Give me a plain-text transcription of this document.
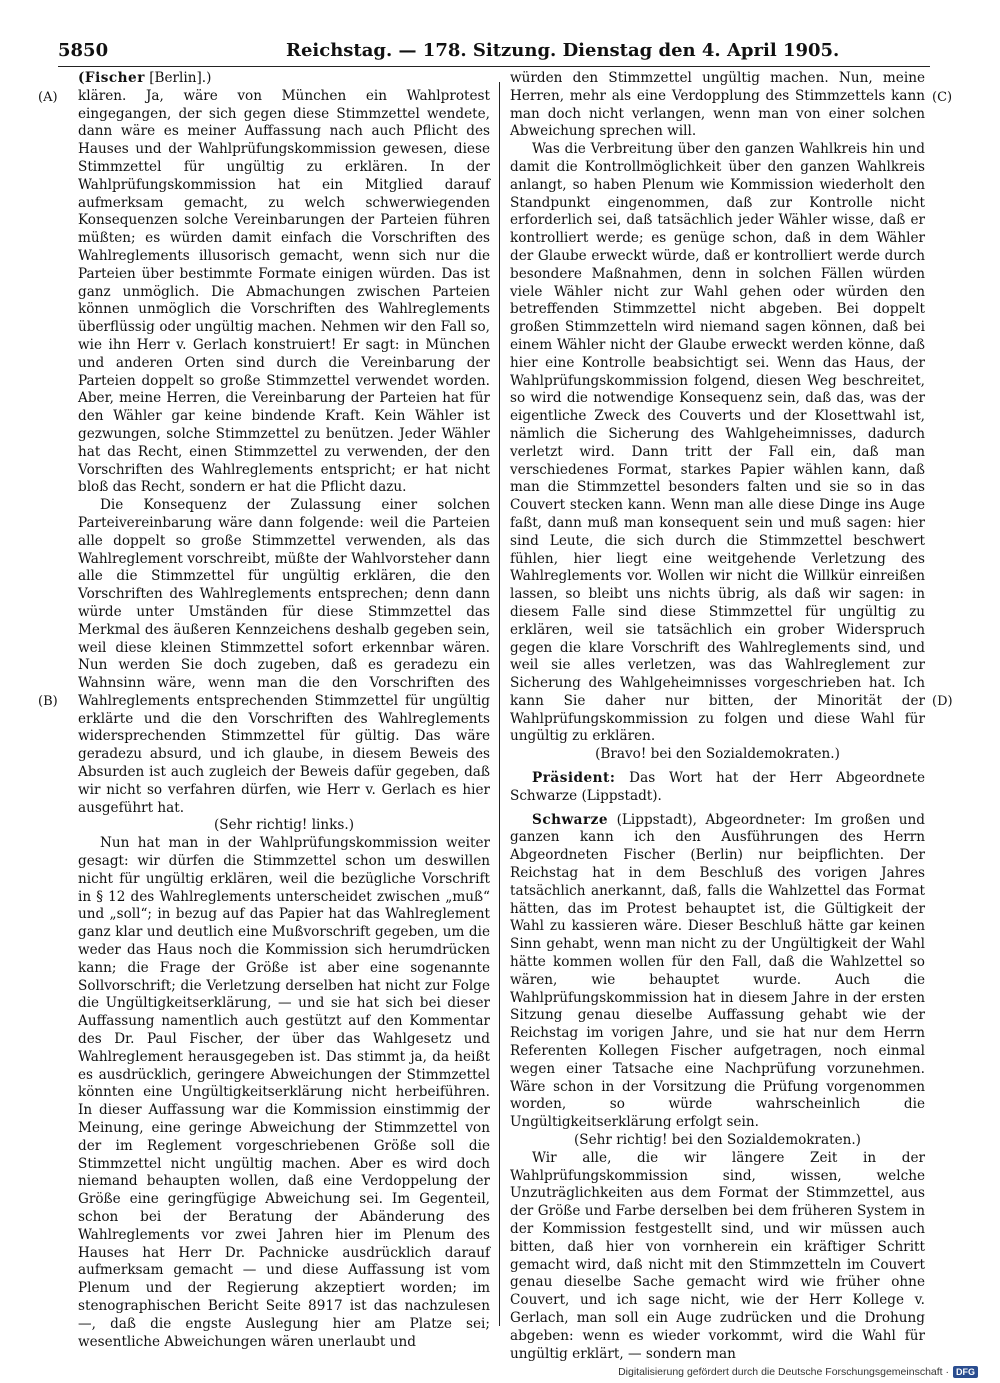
5850	Reichstag. — 178. Sitzung. Dienstag den 4. April 1905.
(A)
(B)
(C)
(D)

(Fischer [Berlin].)

klären. Ja, wäre von München ein Wahlprotest eingegangen, der sich gegen diese Stimmzettel wendete, dann wäre es meiner Auffassung nach auch Pflicht des Hauses und der Wahlprüfungskommission gewesen, diese Stimmzettel für ungültig zu erklären. In der Wahlprüfungskommission hat ein Mitglied darauf aufmerksam gemacht, zu welch schwerwiegenden Konsequenzen solche Vereinbarungen der Parteien führen müßten; es würden damit einfach die Vorschriften des Wahlreglements illusorisch gemacht, wenn sich nur die Parteien über bestimmte Formate einigen würden. Das ist ganz unmöglich. Die Abmachungen zwischen Parteien können unmöglich die Vorschriften des Wahlreglements überflüssig oder ungültig machen. Nehmen wir den Fall so, wie ihn Herr v. Gerlach konstruiert! Er sagt: in München und anderen Orten sind durch die Vereinbarung der Parteien doppelt so große Stimmzettel verwendet worden. Aber, meine Herren, die Vereinbarung der Parteien hat für den Wähler gar keine bindende Kraft. Kein Wähler ist gezwungen, solche Stimmzettel zu benützen. Jeder Wähler hat das Recht, einen Stimmzettel zu verwenden, der den Vorschriften des Wahlreglements entspricht; er hat nicht bloß das Recht, sondern er hat die Pflicht dazu.

Die Konsequenz der Zulassung einer solchen Parteivereinbarung wäre dann folgende: weil die Parteien alle doppelt so große Stimmzettel verwenden, als das Wahlreglement vorschreibt, müßte der Wahlvorsteher dann alle die Stimmzettel für ungültig erklären, die den Vorschriften des Wahlreglements entsprechen; denn dann würde unter Umständen für diese Stimmzettel das Merkmal des äußeren Kennzeichens deshalb gegeben sein, weil diese kleinen Stimmzettel sofort erkennbar wären. Nun werden Sie doch zugeben, daß es geradezu ein Wahnsinn wäre, wenn man die den Vorschriften des Wahlreglements entsprechenden Stimmzettel für ungültig erklärte und die den Vorschriften des Wahlreglements widersprechenden Stimmzettel für gültig. Das wäre geradezu absurd, und ich glaube, in diesem Beweis des Absurden ist auch zugleich der Beweis dafür gegeben, daß wir nicht so verfahren dürfen, wie Herr v. Gerlach es hier ausgeführt hat.

(Sehr richtig! links.)

Nun hat man in der Wahlprüfungskommission weiter gesagt: wir dürfen die Stimmzettel schon um deswillen nicht für ungültig erklären, weil die bezügliche Vorschrift in § 12 des Wahlreglements unterscheidet zwischen „muß“ und „soll“; in bezug auf das Papier hat das Wahlreglement ganz klar und deutlich eine Mußvorschrift gegeben, um die weder das Haus noch die Kommission sich herumdrücken kann; die Frage der Größe ist aber eine sogenannte Sollvorschrift; die Verletzung derselben hat nicht zur Folge die Ungültigkeitserklärung, — und sie hat sich bei dieser Auffassung namentlich auch gestützt auf den Kommentar des Dr. Paul Fischer, der über das Wahlgesetz und Wahlreglement herausgegeben ist. Das stimmt ja, da heißt es ausdrücklich, geringere Abweichungen der Stimmzettel könnten eine Ungültigkeitserklärung nicht herbeiführen. In dieser Auffassung war die Kommission einstimmig der Meinung, eine geringe Abweichung der Stimmzettel von der im Reglement vorgeschriebenen Größe soll die Stimmzettel nicht ungültig machen. Aber es wird doch niemand behaupten wollen, daß eine Verdoppelung der Größe eine geringfügige Abweichung sei. Im Gegenteil, schon bei der Beratung der Abänderung des Wahlreglements vor zwei Jahren hier im Plenum des Hauses hat Herr Dr. Pachnicke ausdrücklich darauf aufmerksam gemacht — und diese Auffassung ist vom Plenum und der Regierung akzeptiert worden; im stenographischen Bericht Seite 8917 ist das nachzulesen —, daß die engste Auslegung hier am Platze sei; wesentliche Abweichungen wären unerlaubt und

würden den Stimmzettel ungültig machen. Nun, meine Herren, mehr als eine Verdopplung des Stimmzettels kann man doch nicht verlangen, wenn man von einer solchen Abweichung sprechen will.

Was die Verbreitung über den ganzen Wahlkreis hin und damit die Kontrollmöglichkeit über den ganzen Wahlkreis anlangt, so haben Plenum wie Kommission wiederholt den Standpunkt eingenommen, daß zur Kontrolle nicht erforderlich sei, daß tatsächlich jeder Wähler wisse, daß er kontrolliert werde; es genüge schon, daß in dem Wähler der Glaube erweckt würde, daß er kontrolliert werde durch besondere Maßnahmen, denn in solchen Fällen würden viele Wähler nicht zur Wahl gehen oder würden den betreffenden Stimmzettel nicht abgeben. Bei doppelt großen Stimmzetteln wird niemand sagen können, daß bei einem Wähler nicht der Glaube erweckt werden könne, daß hier eine Kontrolle beabsichtigt sei. Wenn das Haus, der Wahlprüfungskommission folgend, diesen Weg beschreitet, so wird die notwendige Konsequenz sein, daß das, was der eigentliche Zweck des Couverts und der Klosettwahl ist, nämlich die Sicherung des Wahlgeheimnisses, dadurch verletzt wird. Dann tritt der Fall ein, daß man verschiedenes Format, starkes Papier wählen kann, daß man die Stimmzettel besonders falten und sie so in das Couvert stecken kann. Wenn man alle diese Dinge ins Auge faßt, dann muß man konsequent sein und muß sagen: hier sind Leute, die sich durch die Stimmzettel beschwert fühlen, hier liegt eine weitgehende Verletzung des Wahlreglements vor. Wollen wir nicht die Willkür einreißen lassen, so bleibt uns nichts übrig, als daß wir sagen: in diesem Falle sind diese Stimmzettel für ungültig zu erklären, weil sie tatsächlich ein grober Widerspruch gegen die klare Vorschrift des Wahlreglements sind, und weil sie alles verletzen, was das Wahlreglement zur Sicherung des Wahlgeheimnisses vorgeschrieben hat. Ich kann Sie daher nur bitten, der Minorität der Wahlprüfungskommission zu folgen und diese Wahl für ungültig zu erklären.

(Bravo! bei den Sozialdemokraten.)

Präsident: Das Wort hat der Herr Abgeordnete Schwarze (Lippstadt).

Schwarze (Lippstadt), Abgeordneter: Im großen und ganzen kann ich den Ausführungen des Herrn Abgeordneten Fischer (Berlin) nur beipflichten. Der Reichstag hat in dem Beschluß des vorigen Jahres tatsächlich anerkannt, daß, falls die Wahlzettel das Format hätten, das im Protest behauptet ist, die Gültigkeit der Wahl zu kassieren wäre. Dieser Beschluß hätte gar keinen Sinn gehabt, wenn man nicht zu der Ungültigkeit der Wahl hätte kommen wollen für den Fall, daß die Wahlzettel so wären, wie behauptet wurde. Auch die Wahlprüfungskommission hat in diesem Jahre in der ersten Sitzung genau dieselbe Auffassung gehabt wie der Reichstag im vorigen Jahre, und sie hat nur dem Herrn Referenten Kollegen Fischer aufgetragen, noch einmal wegen einer Tatsache eine Nachprüfung vorzunehmen. Wäre schon in der Vorsitzung die Prüfung vorgenommen worden, so würde wahrscheinlich die Ungültigkeitserklärung erfolgt sein.

(Sehr richtig! bei den Sozialdemokraten.)

Wir alle, die wir längere Zeit in der Wahlprüfungskommission sind, wissen, welche Unzuträglichkeiten aus dem Format der Stimmzettel, aus der Größe und Farbe derselben bei dem früheren System in der Kommission festgestellt sind, und wir müssen auch bitten, daß hier von vornherein ein kräftiger Schritt gemacht wird, daß nicht mit den Stimmzetteln im Couvert genau dieselbe Sache gemacht wird wie früher ohne Couvert, und ich sage nicht, wie der Herr Kollege v. Gerlach, man soll ein Auge zudrücken und die Drohung abgeben: wenn es wieder vorkommt, wird die Wahl für ungültig erklärt, — sondern man

Digitalisierung gefördert durch die Deutsche Forschungsgemeinschaft · DFG
